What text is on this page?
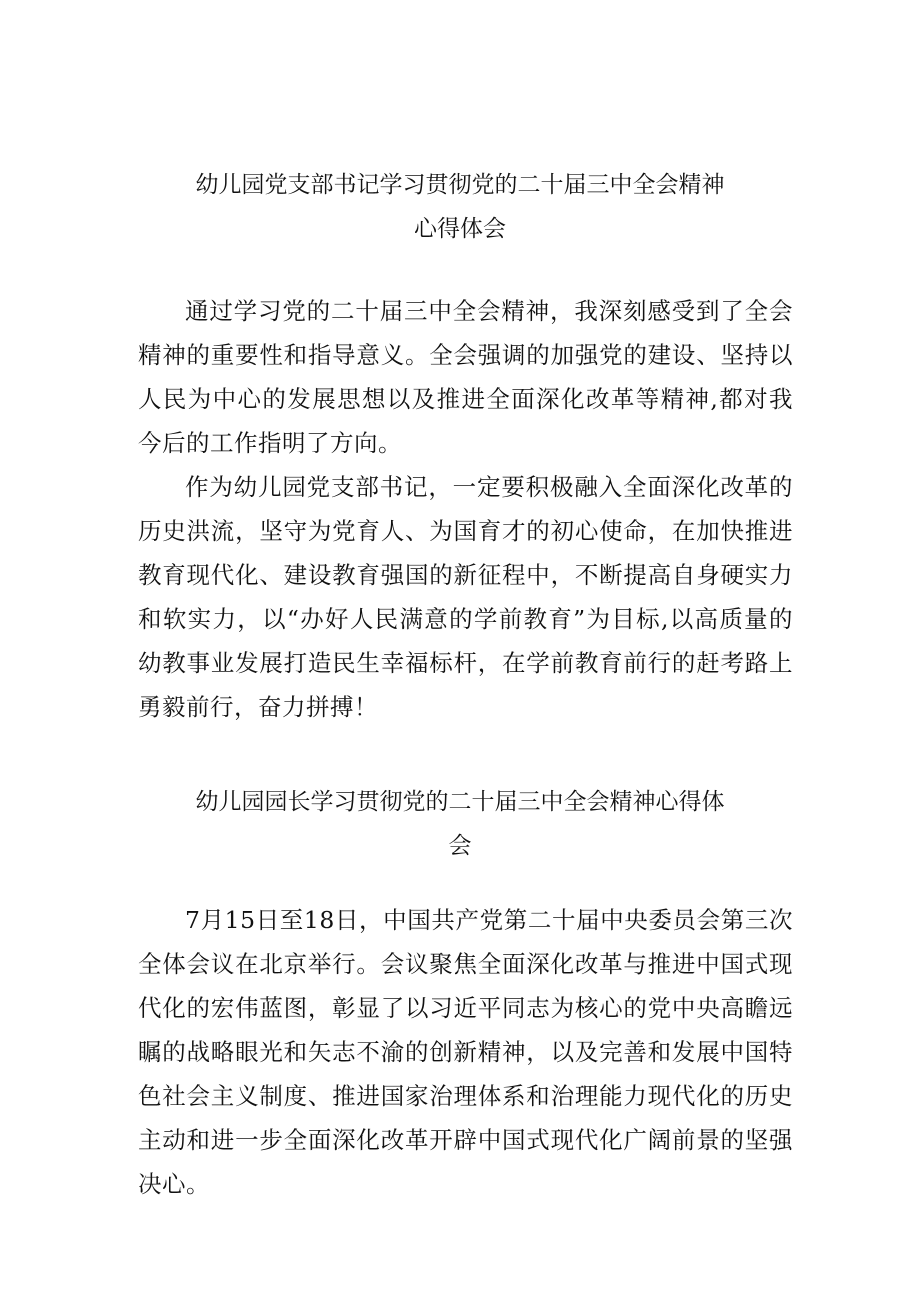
幼儿园党支部书记学习贯彻党的二十届三中全会精神
心得体会

通过学习党的二十届三中全会精神，我深刻感受到了全会精神的重要性和指导意义。全会强调的加强党的建设、坚持以人民为中心的发展思想以及推进全面深化改革等精神,都对我今后的工作指明了方向。

作为幼儿园党支部书记，一定要积极融入全面深化改革的历史洪流，坚守为党育人、为国育才的初心使命，在加快推进教育现代化、建设教育强国的新征程中，不断提高自身硬实力和软实力，以“办好人民满意的学前教育”为目标,以高质量的幼教事业发展打造民生幸福标杆，在学前教育前行的赶考路上勇毅前行，奋力拼搏！

幼儿园园长学习贯彻党的二十届三中全会精神心得体
会

7月15日至18日，中国共产党第二十届中央委员会第三次全体会议在北京举行。会议聚焦全面深化改革与推进中国式现代化的宏伟蓝图，彰显了以习近平同志为核心的党中央高瞻远瞩的战略眼光和矢志不渝的创新精神，以及完善和发展中国特色社会主义制度、推进国家治理体系和治理能力现代化的历史主动和进一步全面深化改革开辟中国式现代化广阔前景的坚强决心。
